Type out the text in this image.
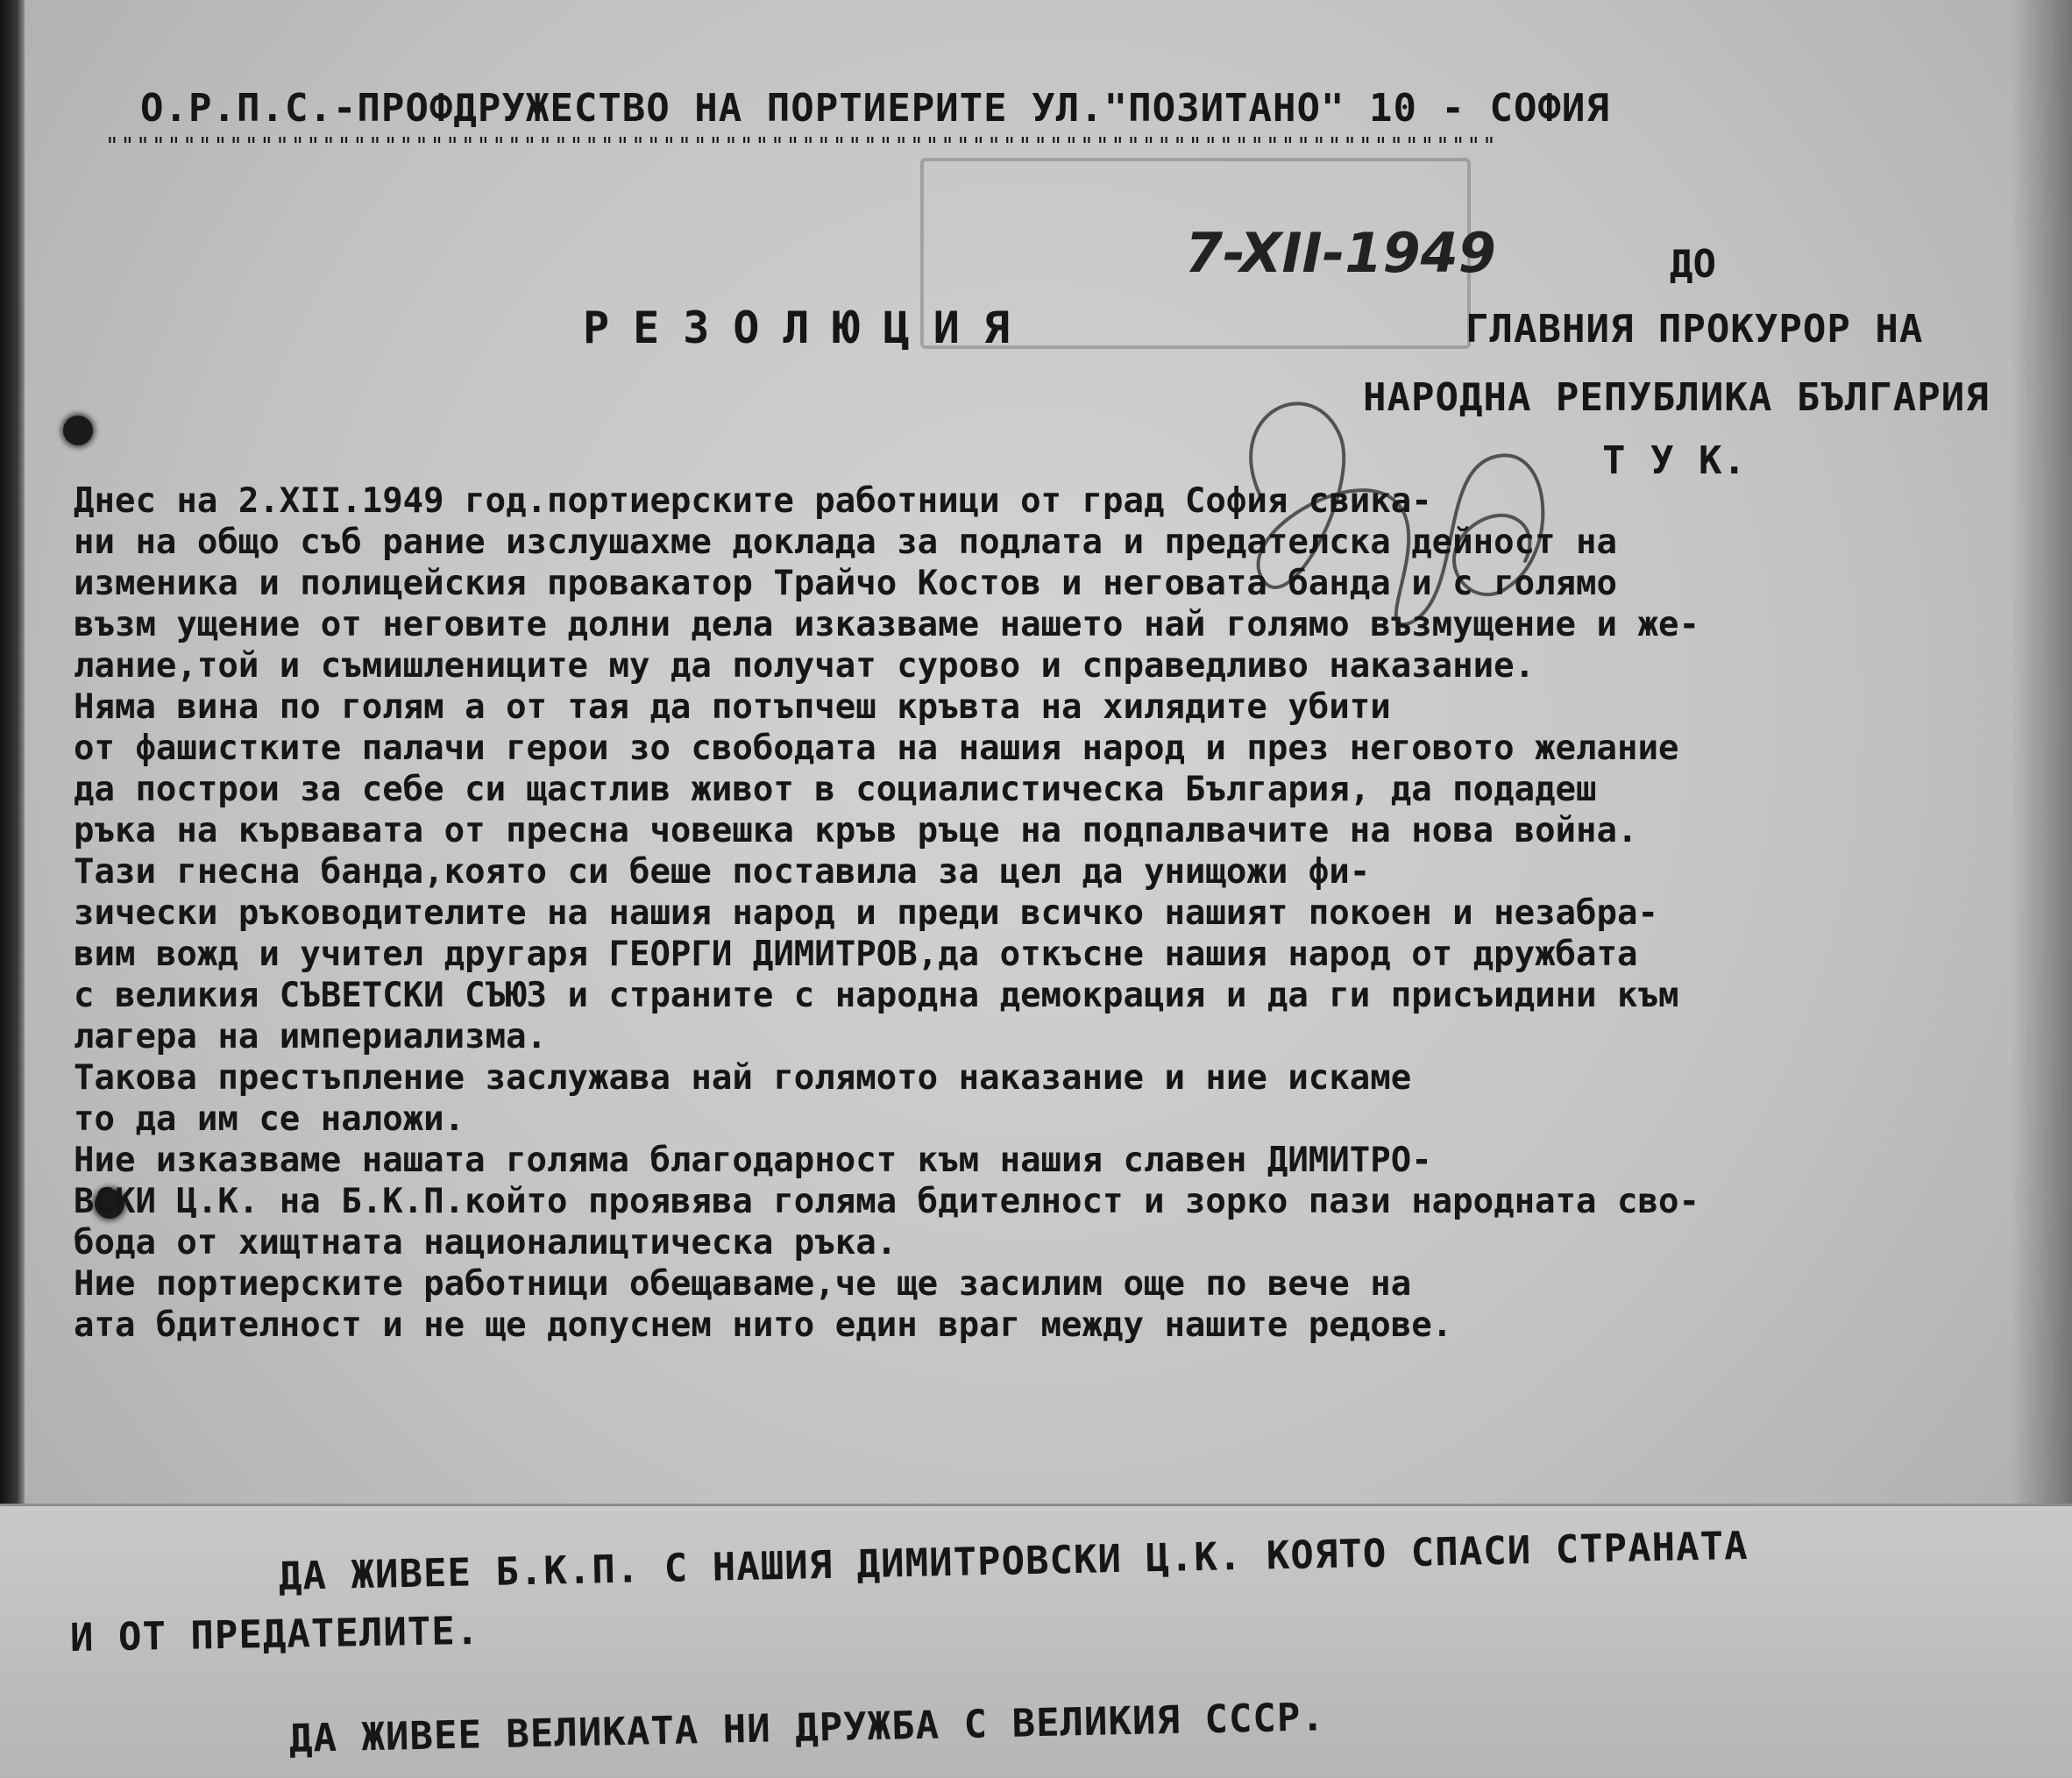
О.Р.П.С.-ПРОФДРУЖЕСТВО НА ПОРТИЕРИТЕ УЛ."ПОЗИТАНО" 10 - СОФИЯ
""""""""""""""""""""""""""""""""""""""""""""""""""""""""""""""""""""""""""""""""""""""""""
7-XII-1949	ДО
РЕЗОЛЮЦИЯ	ГЛАВНИЯ ПРОКУРОР НА
НАРОДНА РЕПУБЛИКА БЪЛГАРИЯ
Т У К.
Днес на 2.XII.1949 год.портиерските работници от град София свика-
ни на общо съб рание изслушахме доклада за подлата и предателска дейност на
изменика и полицейския провакатор Трайчо Костов и неговата банда и с голямо
възм ущение от неговите долни дела изказваме нашето най голямо възмущение и же-
лание,той и съмишлениците му да получат сурово и справедливо наказание.
Няма вина по голям а от тая да потъпчеш кръвта на хилядите убити
от фашистките палачи герои зо свободата на нашия народ и през неговото желание
да построи за себе си щастлив живот в социалистическа България, да подадеш
ръка на кървавата от пресна човешка кръв ръце на подпалвачите на нова война.
Тази гнесна банда,която си беше поставила за цел да унищожи фи-
зически ръководителите на нашия народ и преди всичко нашият покоен и незабра-
вим вожд и учител другаря ГЕОРГИ ДИМИТРОВ,да откъсне нашия народ от дружбата
с великия СЪВЕТСКИ СЪЮЗ и страните с народна демокрация и да ги присъидини към
лагера на империализма.
Такова престъпление заслужава най голямото наказание и ние искаме
то да им се наложи.
Ние изказваме нашата голяма благодарност към нашия славен ДИМИТРО-
ВСКИ Ц.К. на Б.К.П.който проявява голяма бдителност и зорко пази народната сво-
бода от хищтната националицтическа ръка.
Ние портиерските работници обещаваме,че ще засилим още по вече на
ата бдителност и не ще допуснем нито един враг между нашите редове.
ДА ЖИВЕЕ Б.К.П. С НАШИЯ ДИМИТРОВСКИ Ц.К. КОЯТО СПАСИ СТРАНАТА
И ОТ ПРЕДАТЕЛИТЕ.
ДА ЖИВЕЕ ВЕЛИКАТА НИ ДРУЖБА С ВЕЛИКИЯ СССР.
